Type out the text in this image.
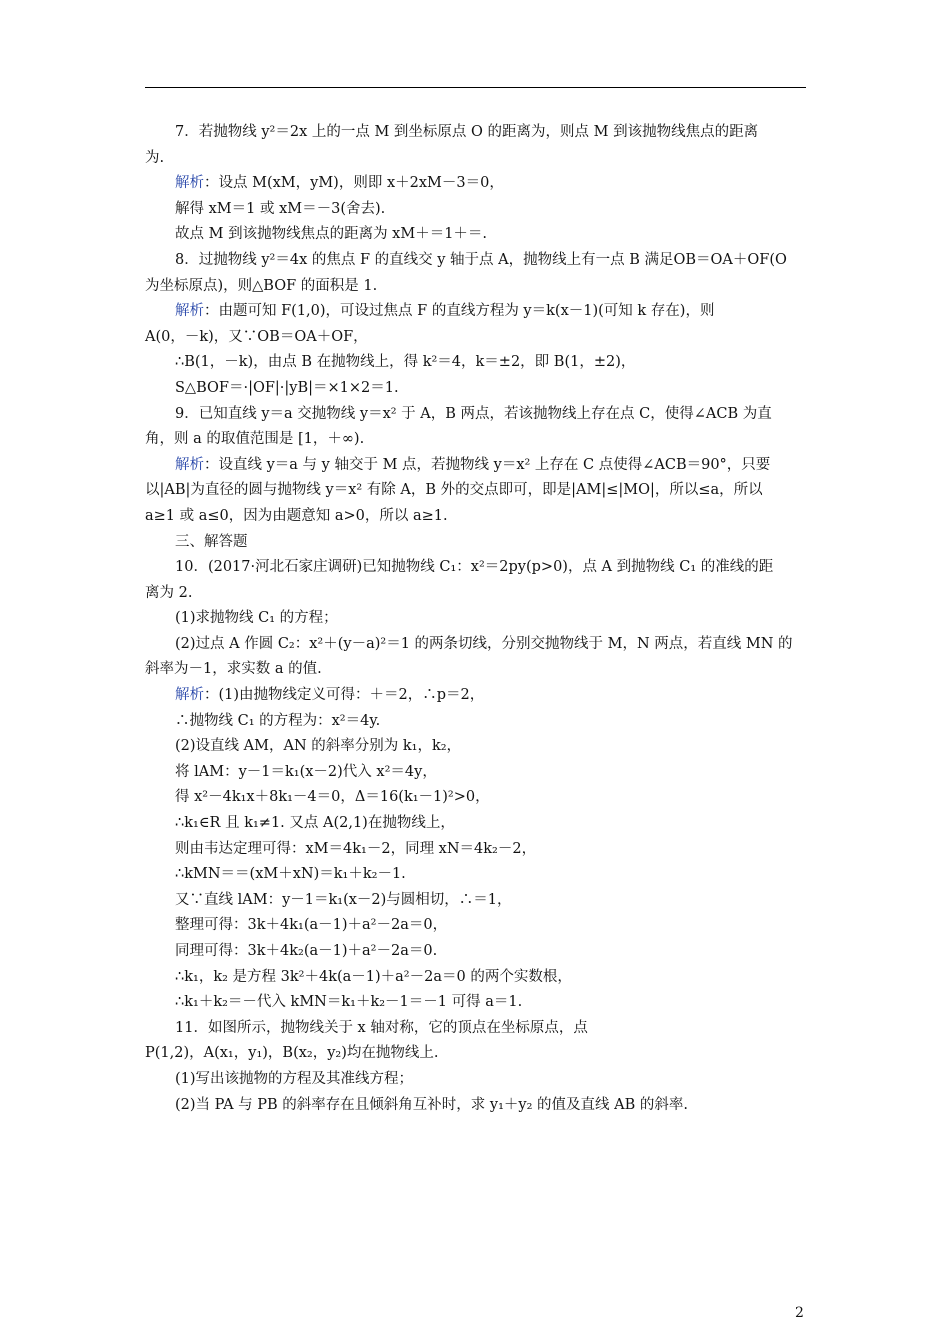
7．若抛物线 y²＝2x 上的一点 M 到坐标原点 O 的距离为，则点 M 到该抛物线焦点的距离
为.
解析：设点 M(xM，yM)，则即 x＋2xM－3＝0，
解得 xM＝1 或 xM＝－3(舍去).
故点 M 到该抛物线焦点的距离为 xM＋＝1＋＝.
8．过抛物线 y²＝4x 的焦点 F 的直线交 y 轴于点 A，抛物线上有一点 B 满足OB＝OA＋OF(O
为坐标原点)，则△BOF 的面积是 1.
解析：由题可知 F(1,0)，可设过焦点 F 的直线方程为 y＝k(x－1)(可知 k 存在)，则
A(0，－k)，又∵OB＝OA＋OF，
∴B(1，－k)，由点 B 在抛物线上，得 k²＝4，k＝±2，即 B(1，±2)，
S△BOF＝·|OF|·|yB|＝×1×2＝1.
9．已知直线 y＝a 交抛物线 y＝x² 于 A，B 两点，若该抛物线上存在点 C，使得∠ACB 为直
角，则 a 的取值范围是 [1，＋∞).
解析：设直线 y＝a 与 y 轴交于 M 点，若抛物线 y＝x² 上存在 C 点使得∠ACB＝90°，只要
以|AB|为直径的圆与抛物线 y＝x² 有除 A，B 外的交点即可，即是|AM|≤|MO|，所以≤a，所以
a≥1 或 a≤0，因为由题意知 a>0，所以 a≥1.
三、解答题
10．(2017·河北石家庄调研)已知抛物线 C₁：x²＝2py(p>0)，点 A 到抛物线 C₁ 的准线的距
离为 2.
(1)求抛物线 C₁ 的方程；
(2)过点 A 作圆 C₂：x²＋(y－a)²＝1 的两条切线，分别交抛物线于 M，N 两点，若直线 MN 的
斜率为－1，求实数 a 的值.
解析：(1)由抛物线定义可得：＋＝2，∴p＝2，
∴抛物线 C₁ 的方程为：x²＝4y.
(2)设直线 AM，AN 的斜率分别为 k₁，k₂，
将 lAM：y－1＝k₁(x－2)代入 x²＝4y，
得 x²－4k₁x＋8k₁－4＝0，Δ＝16(k₁－1)²>0，
∴k₁∈R 且 k₁≠1. 又点 A(2,1)在抛物线上，
则由韦达定理可得：xM＝4k₁－2，同理 xN＝4k₂－2，
∴kMN＝＝(xM＋xN)＝k₁＋k₂－1.
又∵直线 lAM：y－1＝k₁(x－2)与圆相切，∴＝1，
整理可得：3k＋4k₁(a－1)＋a²－2a＝0，
同理可得：3k＋4k₂(a－1)＋a²－2a＝0.
∴k₁，k₂ 是方程 3k²＋4k(a－1)＋a²－2a＝0 的两个实数根，
∴k₁＋k₂＝－代入 kMN＝k₁＋k₂－1＝－1 可得 a＝1.
11．如图所示，抛物线关于 x 轴对称，它的顶点在坐标原点，点
P(1,2)，A(x₁，y₁)，B(x₂，y₂)均在抛物线上.
(1)写出该抛物的方程及其准线方程；
(2)当 PA 与 PB 的斜率存在且倾斜角互补时，求 y₁＋y₂ 的值及直线 AB 的斜率.
2
